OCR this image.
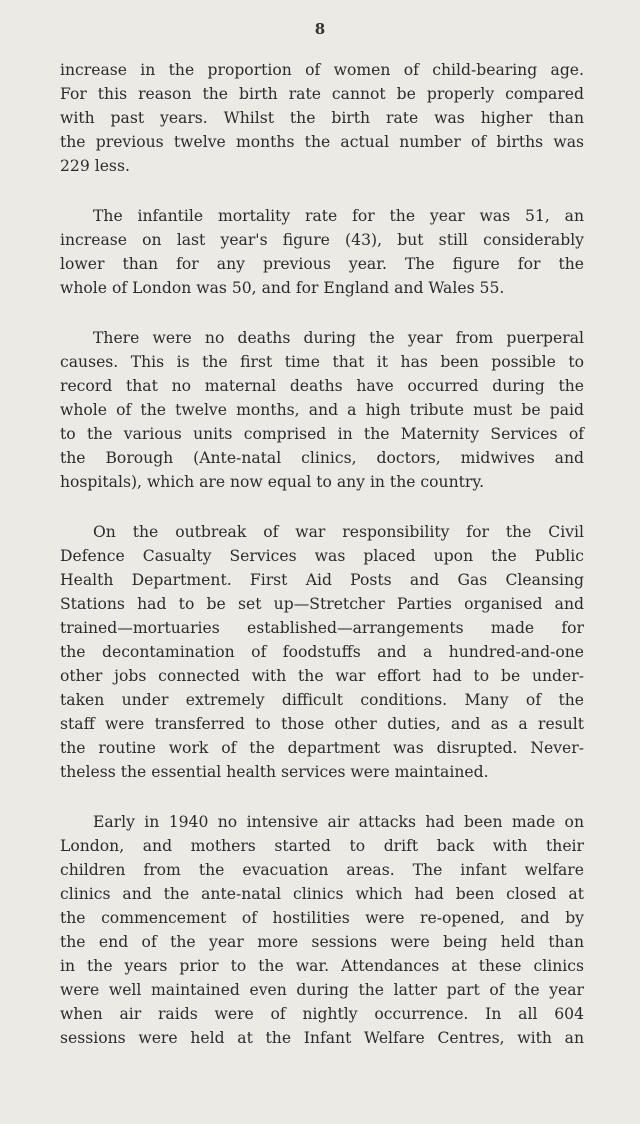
8

increase in the proportion of women of child-bearing age.
For this reason the birth rate cannot be properly compared
with past years. Whilst the birth rate was higher than
the previous twelve months the actual number of births was
229 less.

The infantile mortality rate for the year was 51, an
increase on last year's figure (43), but still considerably
lower than for any previous year. The figure for the
whole of London was 50, and for England and Wales 55.

There were no deaths during the year from puerperal
causes. This is the first time that it has been possible to
record that no maternal deaths have occurred during the
whole of the twelve months, and a high tribute must be paid
to the various units comprised in the Maternity Services of
the Borough (Ante-natal clinics, doctors, midwives and
hospitals), which are now equal to any in the country.

On the outbreak of war responsibility for the Civil
Defence Casualty Services was placed upon the Public
Health Department. First Aid Posts and Gas Cleansing
Stations had to be set up—Stretcher Parties organised and
trained—mortuaries established—arrangements made for
the decontamination of foodstuffs and a hundred-and-one
other jobs connected with the war effort had to be under-
taken under extremely difficult conditions. Many of the
staff were transferred to those other duties, and as a result
the routine work of the department was disrupted. Never-
theless the essential health services were maintained.

Early in 1940 no intensive air attacks had been made on
London, and mothers started to drift back with their
children from the evacuation areas. The infant welfare
clinics and the ante-natal clinics which had been closed at
the commencement of hostilities were re-opened, and by
the end of the year more sessions were being held than
in the years prior to the war. Attendances at these clinics
were well maintained even during the latter part of the year
when air raids were of nightly occurrence. In all 604
sessions were held at the Infant Welfare Centres, with an
